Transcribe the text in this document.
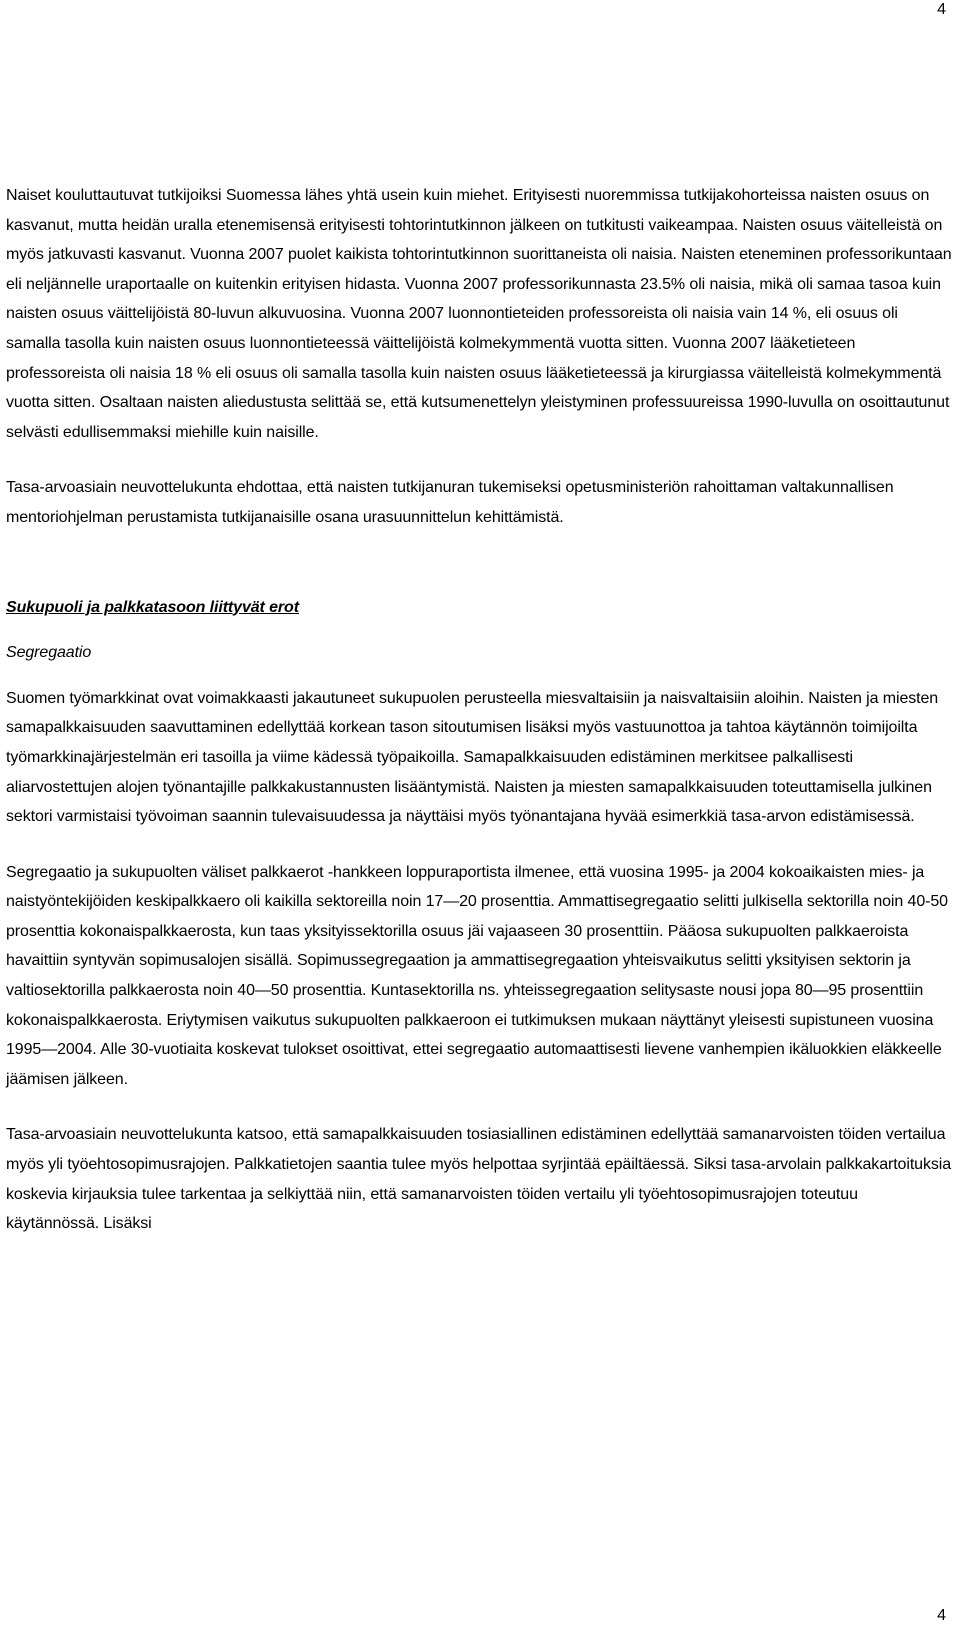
4

Naiset kouluttautuvat tutkijoiksi Suomessa lähes yhtä usein kuin miehet. Erityisesti nuoremmissa tutkijakohorteissa naisten osuus on kasvanut, mutta heidän uralla etenemisensä erityisesti tohtorintutkinnon jälkeen on tutkitusti vaikeampaa. Naisten osuus väitelleistä on myös jatkuvasti kasvanut. Vuonna 2007 puolet kaikista tohtorintutkinnon suorittaneista oli naisia. Naisten eteneminen professorikuntaan eli neljännelle uraportaalle on kuitenkin erityisen hidasta. Vuonna 2007 professorikunnasta 23.5% oli naisia, mikä oli samaa tasoa kuin naisten osuus väittelijöistä 80-luvun alkuvuosina. Vuonna 2007 luonnontieteiden professoreista oli naisia vain 14 %, eli osuus oli samalla tasolla kuin naisten osuus luonnontieteessä väittelijöistä kolmekymmentä vuotta sitten. Vuonna 2007 lääketieteen professoreista oli naisia 18 % eli osuus oli samalla tasolla kuin naisten osuus lääketieteessä ja kirurgiassa väitelleistä kolmekymmentä vuotta sitten. Osaltaan naisten aliedustusta selittää se, että kutsumenettelyn yleistyminen professuureissa 1990-luvulla on osoittautunut selvästi edullisemmaksi miehille kuin naisille.

Tasa-arvoasiain neuvottelukunta ehdottaa, että naisten tutkijanuran tukemiseksi opetusministeriön rahoittaman valtakunnallisen mentoriohjelman perustamista tutkijanaisille osana urasuunnittelun kehittämistä.

Sukupuoli ja palkkatasoon liittyvät erot

Segregaatio

Suomen työmarkkinat ovat voimakkaasti jakautuneet sukupuolen perusteella miesvaltaisiin ja naisvaltaisiin aloihin. Naisten ja miesten samapalkkaisuuden saavuttaminen edellyttää korkean tason sitoutumisen lisäksi myös vastuunottoa ja tahtoa käytännön toimijoilta työmarkkinajärjestelmän eri tasoilla ja viime kädessä työpaikoilla. Samapalkkaisuuden edistäminen merkitsee palkallisesti aliarvostettujen alojen työnantajille palkkakustannusten lisääntymistä. Naisten ja miesten samapalkkaisuuden toteuttamisella julkinen sektori varmistaisi työvoiman saannin tulevaisuudessa ja näyttäisi myös työnantajana hyvää esimerkkiä tasa-arvon edistämisessä.

Segregaatio ja sukupuolten väliset palkkaerot -hankkeen loppuraportista ilmenee, että vuosina 1995- ja 2004 kokoaikaisten mies- ja naistyöntekijöiden keskipalkkaero oli kaikilla sektoreilla noin 17—20 prosenttia. Ammattisegregaatio selitti julkisella sektorilla noin 40-50 prosenttia kokonaispalkkaerosta, kun taas yksityissektorilla osuus jäi vajaaseen 30 prosenttiin. Pääosa sukupuolten palkkaeroista havaittiin syntyvän sopimusalojen sisällä. Sopimussegregaation ja ammattisegregaation yhteisvaikutus selitti yksityisen sektorin ja valtiosektorilla palkkaerosta noin 40—50 prosenttia. Kuntasektorilla ns. yhteissegregaation selitysaste nousi jopa 80—95 prosenttiin kokonaispalkkaerosta. Eriytymisen vaikutus sukupuolten palkkaeroon ei tutkimuksen mukaan näyttänyt yleisesti supistuneen vuosina 1995—2004. Alle 30-vuotiaita koskevat tulokset osoittivat, ettei segregaatio automaattisesti lievene vanhempien ikäluokkien eläkkeelle jäämisen jälkeen.

Tasa-arvoasiain neuvottelukunta katsoo, että samapalkkaisuuden tosiasiallinen edistäminen edellyttää samanarvoisten töiden vertailua myös yli työehtosopimusrajojen. Palkkatietojen saantia tulee myös helpottaa syrjintää epäiltäessä. Siksi tasa-arvolain palkkakartoituksia koskevia kirjauksia tulee tarkentaa ja selkiyttää niin, että samanarvoisten töiden vertailu yli työehtosopimusrajojen toteutuu käytännössä. Lisäksi

4
